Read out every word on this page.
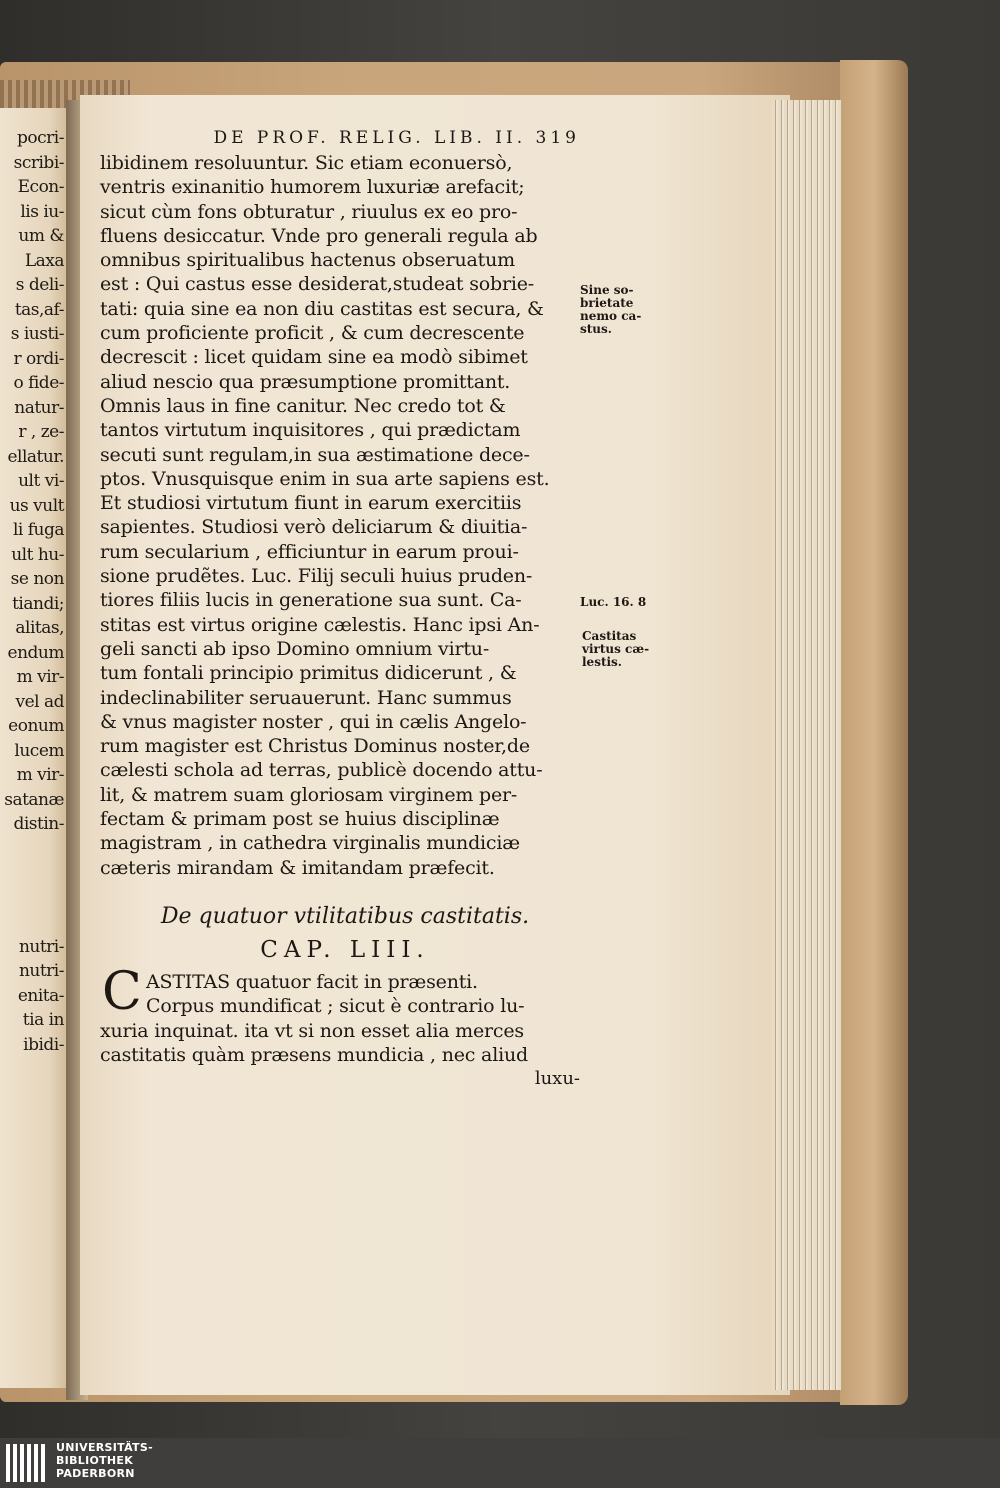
pocri-
scribi-
Econ-
lis iu-
um &
Laxa
s deli-
tas,af-
s iusti-
r ordi-
o fide-
natur-
r , ze-
ellatur.
ult vi-
us vult
li fuga
ult hu-
se non
tiandi;
alitas,
endum
m vir-
vel ad
eonum
lucem
m vir-
satanæ
distin-
nutri-
nutri-
enita-
tia in
ibidi-
DE PROF. RELIG. LIB. II. 319
libidinem resoluuntur. Sic etiam econuersò,
ventris exinanitio humorem luxuriæ arefacit;
sicut cùm fons obturatur , riuulus ex eo pro-
fluens desiccatur. Vnde pro generali regula ab
omnibus spiritualibus hactenus obseruatum
est : Qui castus esse desiderat,studeat sobrie-
tati: quia sine ea non diu castitas est secura, &
cum proficiente proficit , & cum decrescente
decrescit : licet quidam sine ea modò sibimet
aliud nescio qua præsumptione promittant.
Omnis laus in fine canitur. Nec credo tot &
tantos virtutum inquisitores , qui prædictam
secuti sunt regulam,in sua æstimatione dece-
ptos. Vnusquisque enim in sua arte sapiens est.
Et studiosi virtutum fiunt in earum exercitiis
sapientes. Studiosi verò deliciarum & diuitia-
rum secularium , efficiuntur in earum proui-
sione prudẽtes. Luc. Filij seculi huius pruden-
tiores filiis lucis in generatione sua sunt. Ca-
stitas est virtus origine cælestis. Hanc ipsi An-
geli sancti ab ipso Domino omnium virtu-
tum fontali principio primitus didicerunt , &
indeclinabiliter seruauerunt. Hanc summus
& vnus magister noster , qui in cælis Angelo-
rum magister est Christus Dominus noster,de
cælesti schola ad terras, publicè docendo attu-
lit, & matrem suam gloriosam virginem per-
fectam & primam post se huius disciplinæ
magistram , in cathedra virginalis mundiciæ
cæteris mirandam & imitandam præfecit.
De quatuor vtilitatibus castitatis.
CAP. LIII.
C ASTITAS quatuor facit in præsenti.
Corpus mundificat ; sicut è contrario lu-
xuria inquinat. ita vt si non esset alia merces
castitatis quàm præsens mundicia , nec aliud
luxu-
Sine so-
brietate
nemo ca-
stus.
Luc. 16. 8
Castitas
virtus cæ-
lestis.
UNIVERSITÄTS-
BIBLIOTHEK
PADERBORN
